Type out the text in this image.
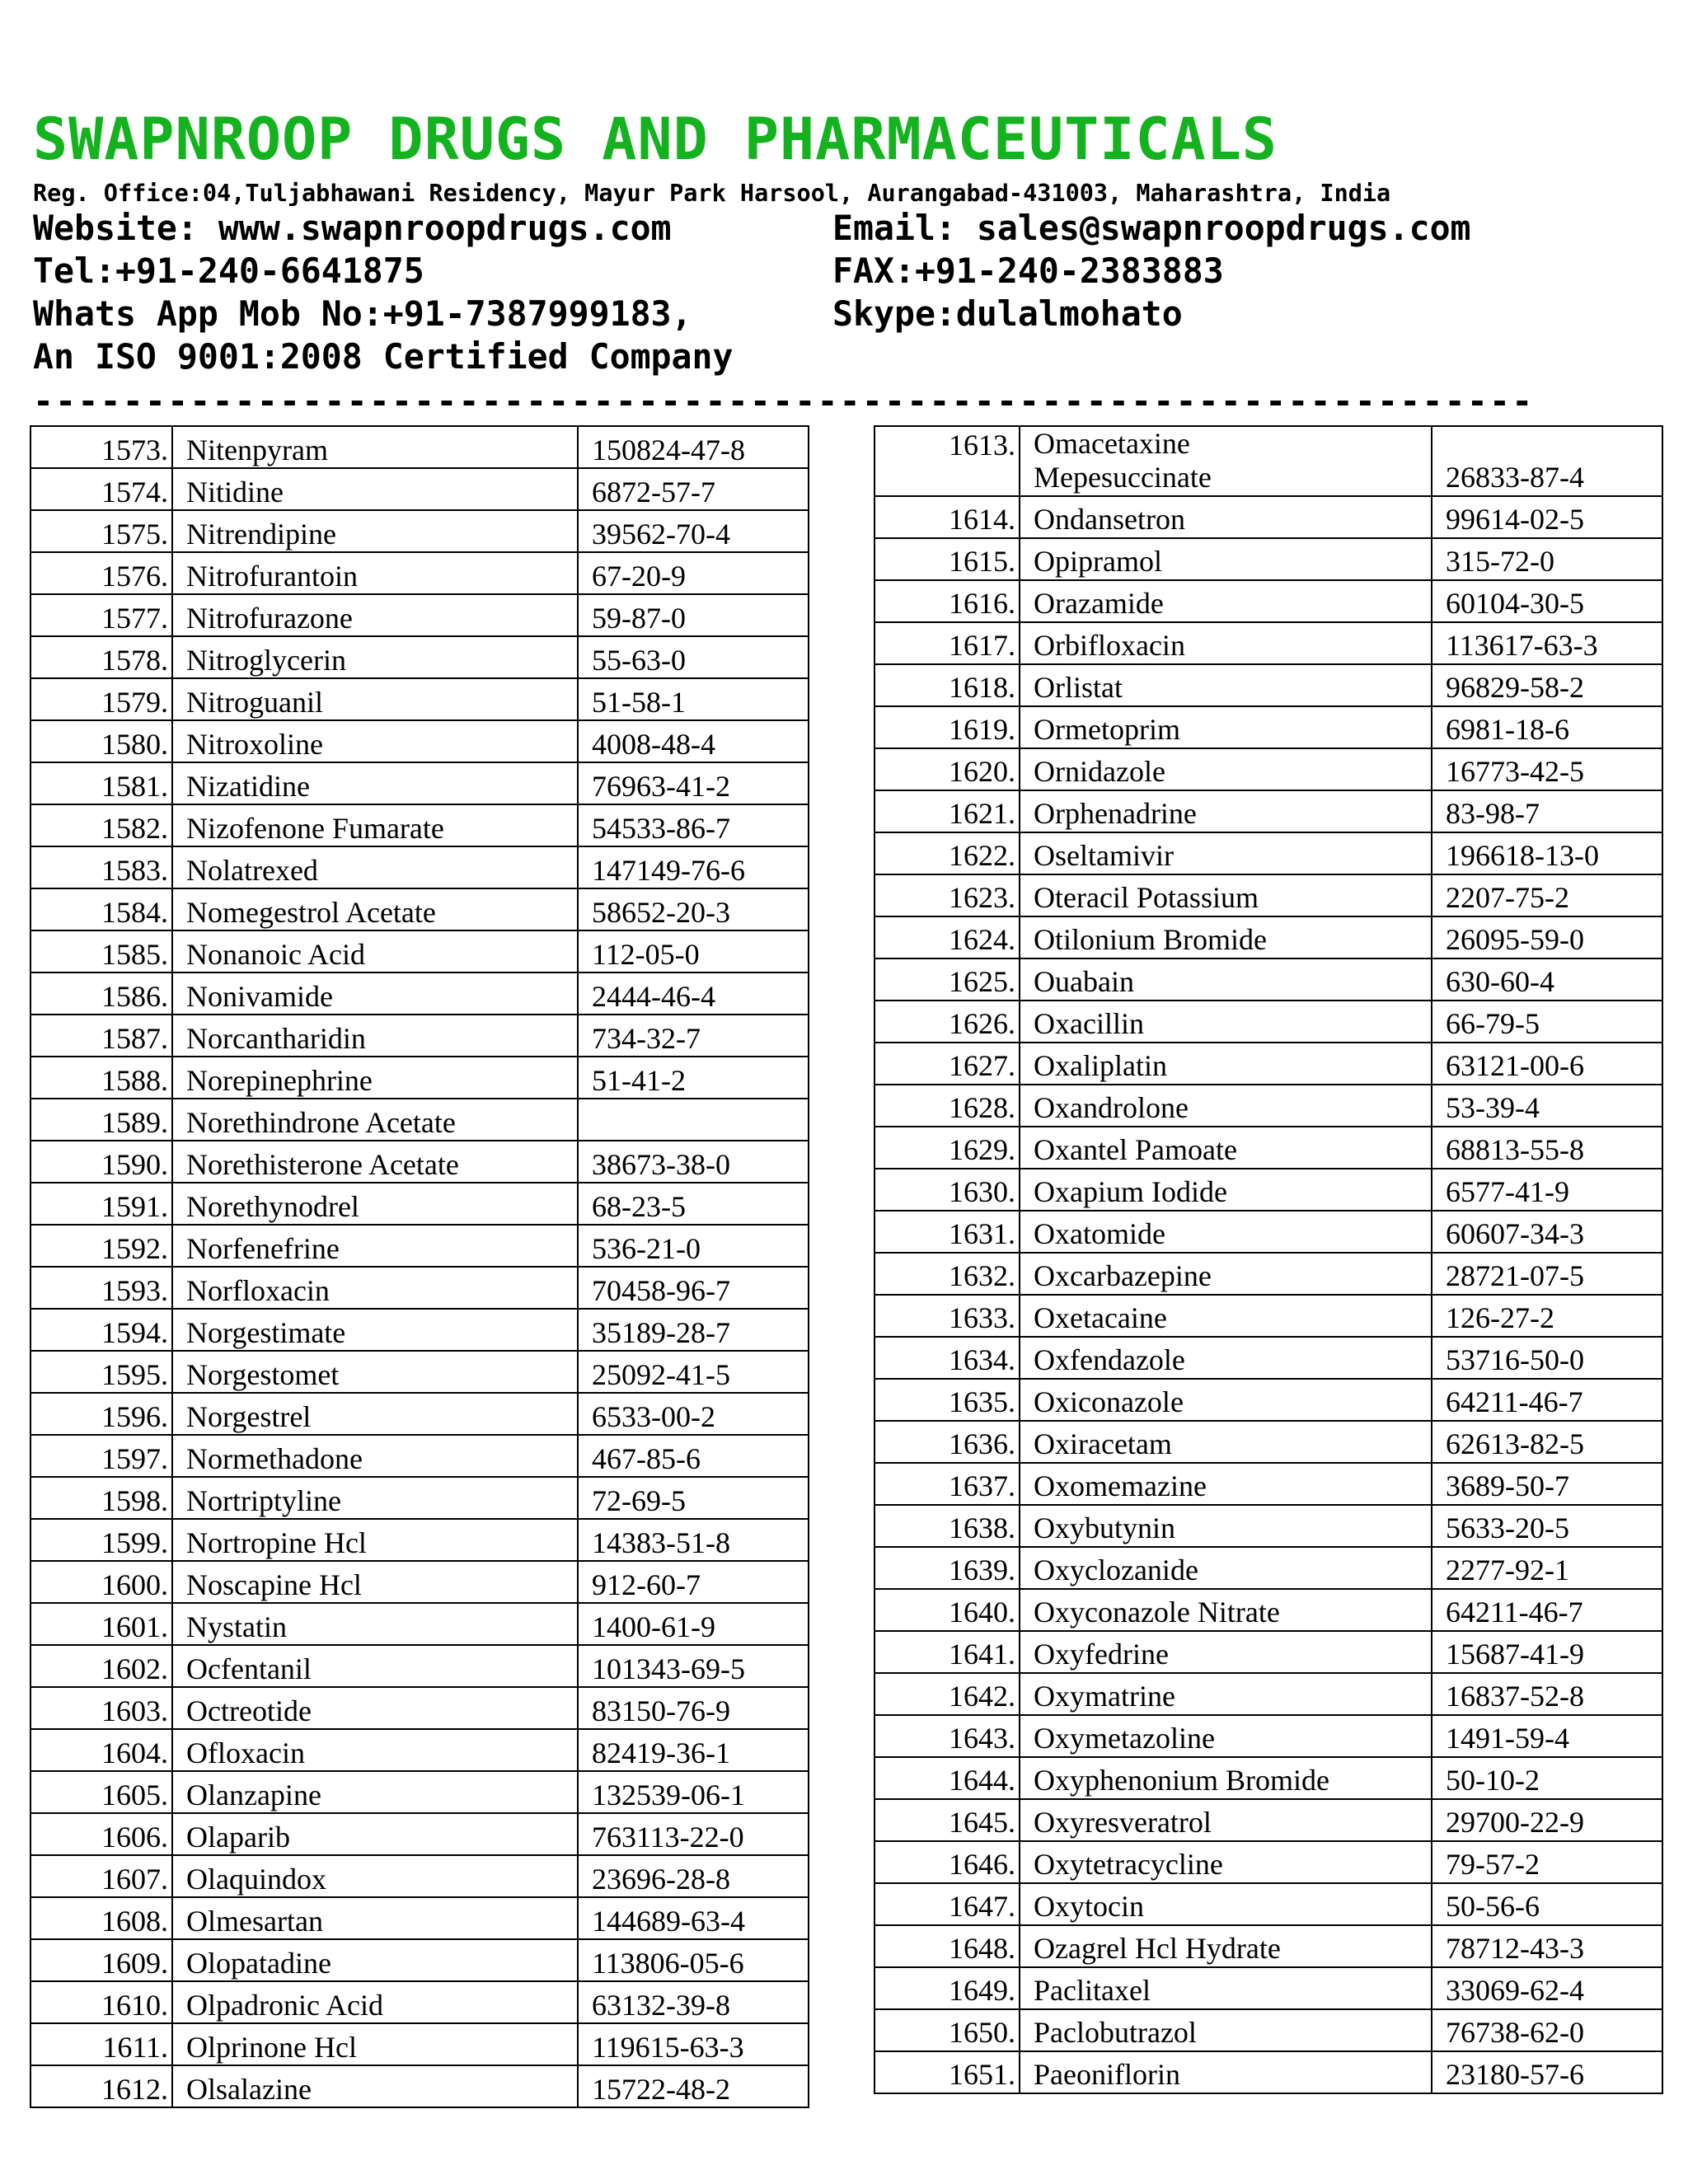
SWAPNROOP DRUGS AND PHARMACEUTICALS
Reg. Office:04,Tuljabhawani Residency, Mayur Park Harsool, Aurangabad-431003, Maharashtra, India
Website: www.swapnroopdrugs.com	Email: sales@swapnroopdrugs.com
Tel:+91-240-6641875	FAX:+91-240-2383883
Whats App Mob No:+91-7387999183,	Skype:dulalmohato
An ISO 9001:2008 Certified Company
-------------------------------------------------------------------
1573.	Nitenpyram	150824-47-8
1574.	Nitidine	6872-57-7
1575.	Nitrendipine	39562-70-4
1576.	Nitrofurantoin	67-20-9
1577.	Nitrofurazone	59-87-0
1578.	Nitroglycerin	55-63-0
1579.	Nitroguanil	51-58-1
1580.	Nitroxoline	4008-48-4
1581.	Nizatidine	76963-41-2
1582.	Nizofenone Fumarate	54533-86-7
1583.	Nolatrexed	147149-76-6
1584.	Nomegestrol Acetate	58652-20-3
1585.	Nonanoic Acid	112-05-0
1586.	Nonivamide	2444-46-4
1587.	Norcantharidin	734-32-7
1588.	Norepinephrine	51-41-2
1589.	Norethindrone Acetate	
1590.	Norethisterone Acetate	38673-38-0
1591.	Norethynodrel	68-23-5
1592.	Norfenefrine	536-21-0
1593.	Norfloxacin	70458-96-7
1594.	Norgestimate	35189-28-7
1595.	Norgestomet	25092-41-5
1596.	Norgestrel	6533-00-2
1597.	Normethadone	467-85-6
1598.	Nortriptyline	72-69-5
1599.	Nortropine Hcl	14383-51-8
1600.	Noscapine Hcl	912-60-7
1601.	Nystatin	1400-61-9
1602.	Ocfentanil	101343-69-5
1603.	Octreotide	83150-76-9
1604.	Ofloxacin	82419-36-1
1605.	Olanzapine	132539-06-1
1606.	Olaparib	763113-22-0
1607.	Olaquindox	23696-28-8
1608.	Olmesartan	144689-63-4
1609.	Olopatadine	113806-05-6
1610.	Olpadronic Acid	63132-39-8
1611.	Olprinone Hcl	119615-63-3
1612.	Olsalazine	15722-48-2
1613.	Omacetaxine
Mepesuccinate	26833-87-4
1614.	Ondansetron	99614-02-5
1615.	Opipramol	315-72-0
1616.	Orazamide	60104-30-5
1617.	Orbifloxacin	113617-63-3
1618.	Orlistat	96829-58-2
1619.	Ormetoprim	6981-18-6
1620.	Ornidazole	16773-42-5
1621.	Orphenadrine	83-98-7
1622.	Oseltamivir	196618-13-0
1623.	Oteracil Potassium	2207-75-2
1624.	Otilonium Bromide	26095-59-0
1625.	Ouabain	630-60-4
1626.	Oxacillin	66-79-5
1627.	Oxaliplatin	63121-00-6
1628.	Oxandrolone	53-39-4
1629.	Oxantel Pamoate	68813-55-8
1630.	Oxapium Iodide	6577-41-9
1631.	Oxatomide	60607-34-3
1632.	Oxcarbazepine	28721-07-5
1633.	Oxetacaine	126-27-2
1634.	Oxfendazole	53716-50-0
1635.	Oxiconazole	64211-46-7
1636.	Oxiracetam	62613-82-5
1637.	Oxomemazine	3689-50-7
1638.	Oxybutynin	5633-20-5
1639.	Oxyclozanide	2277-92-1
1640.	Oxyconazole Nitrate	64211-46-7
1641.	Oxyfedrine	15687-41-9
1642.	Oxymatrine	16837-52-8
1643.	Oxymetazoline	1491-59-4
1644.	Oxyphenonium Bromide	50-10-2
1645.	Oxyresveratrol	29700-22-9
1646.	Oxytetracycline	79-57-2
1647.	Oxytocin	50-56-6
1648.	Ozagrel Hcl Hydrate	78712-43-3
1649.	Paclitaxel	33069-62-4
1650.	Paclobutrazol	76738-62-0
1651.	Paeoniflorin	23180-57-6
